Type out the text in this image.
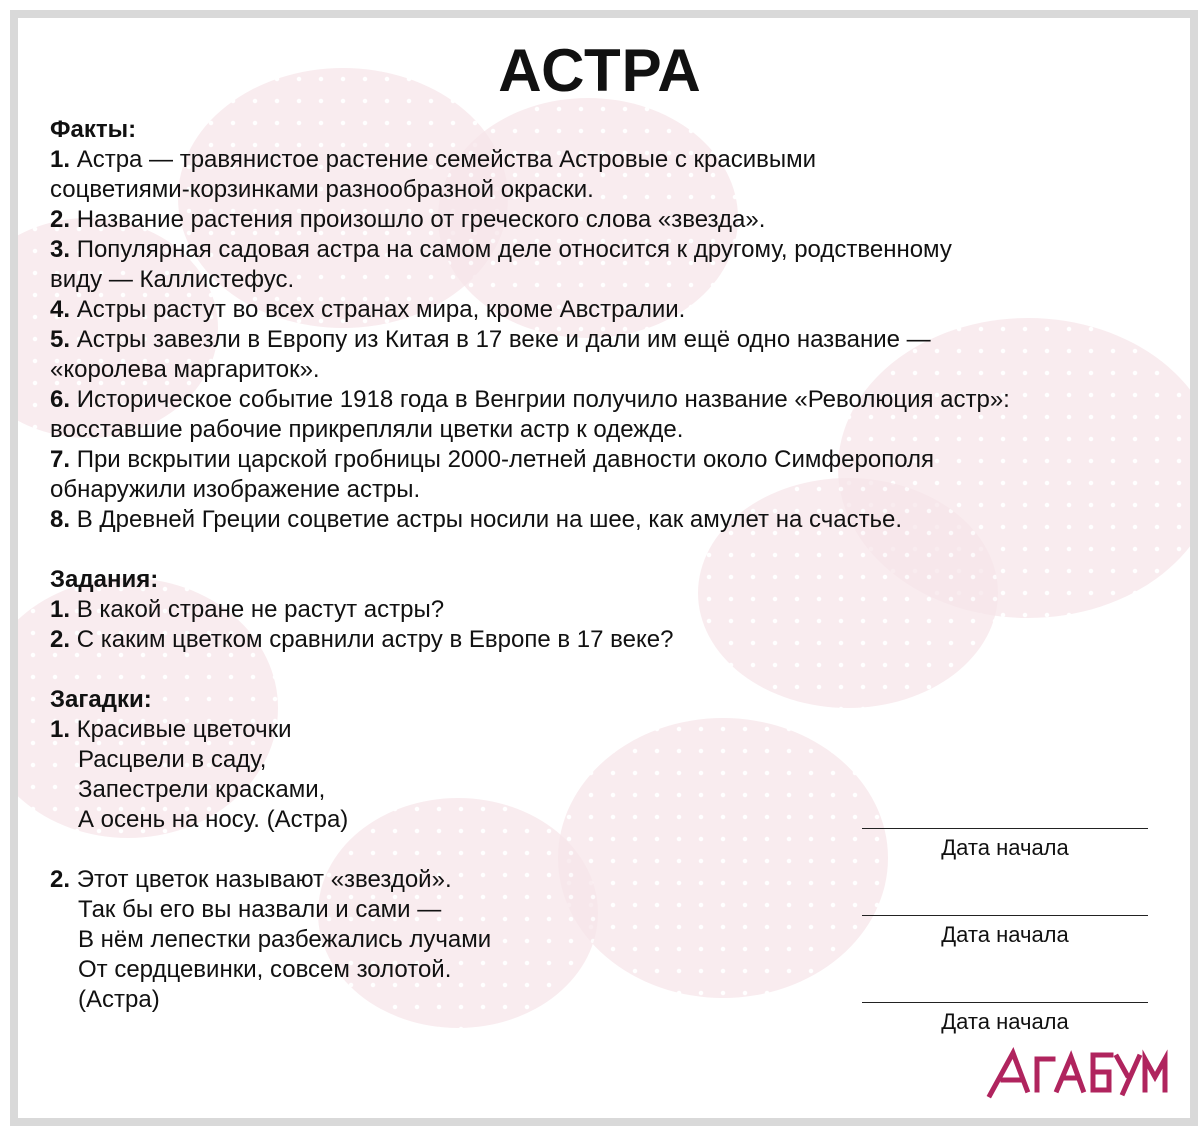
АСТРА
Факты:
1. Астра — травянистое растение семейства Астровые с красивыми
соцветиями-корзинками разнообразной окраски.
2. Название растения произошло от греческого слова «звезда».
3. Популярная садовая астра на самом деле относится к другому, родственному
виду — Каллистефус.
4. Астры растут во всех странах мира, кроме Австралии.
5. Астры завезли в Европу из Китая в 17 веке и дали им ещё одно название —
«королева маргариток».
6. Историческое событие 1918 года в Венгрии получило название «Революция астр»:
восставшие рабочие прикрепляли цветки астр к одежде.
7. При вскрытии царской гробницы 2000-летней давности около Симферополя
обнаружили изображение астры.
8. В Древней Греции соцветие астры носили на шее, как амулет на счастье.
Задания:
1. В какой стране не растут астры?
2. С каким цветком сравнили астру в Европе в 17 веке?
Загадки:
1. Красивые цветочки
Расцвели в саду,
Запестрели красками,
А осень на носу. (Астра)
2. Этот цветок называют «звездой».
Так бы его вы назвали и сами —
В нём лепестки разбежались лучами
От сердцевинки, совсем золотой.
(Астра)
Дата начала
Дата начала
Дата начала
